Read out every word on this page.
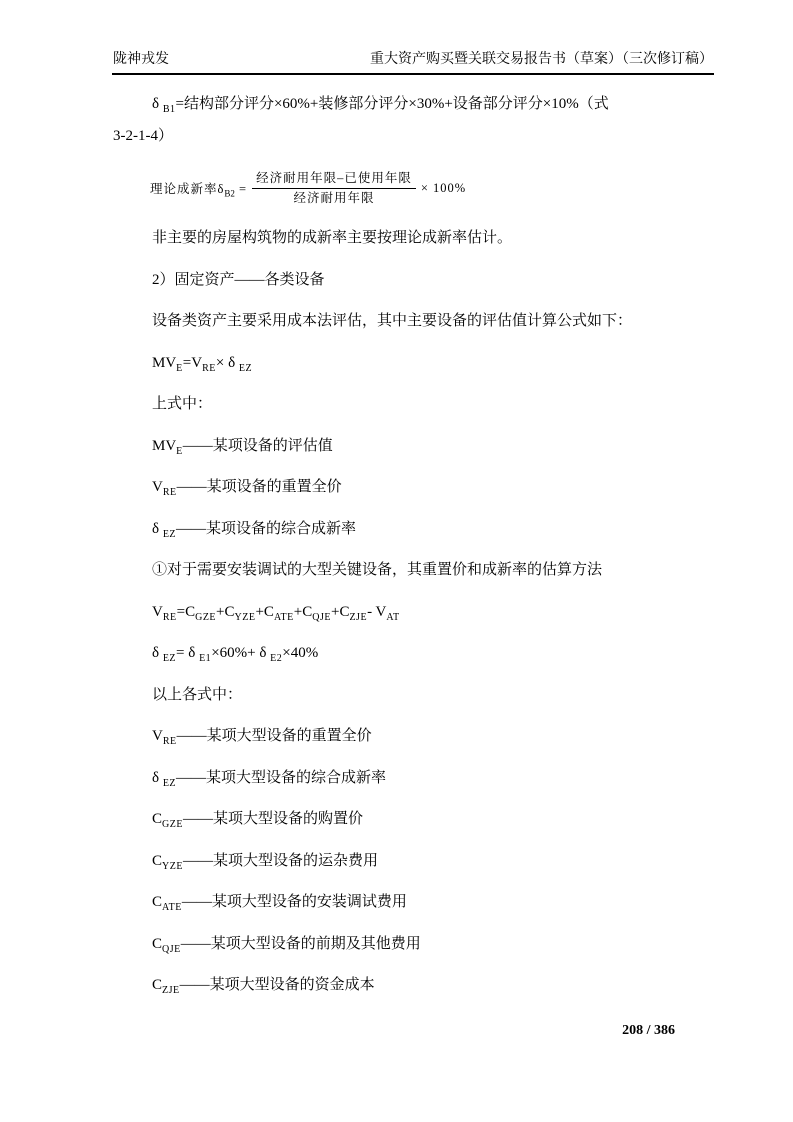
陇神戎发	重大资产购买暨关联交易报告书（草案）（三次修订稿）

δ $_{B1}$=结构部分评分×60%+装修部分评分×30%+设备部分评分×10%（式
3-2-1-4）

理论成新率$\delta_{B2} = \frac{\text{经济耐用年限–已使用年限}}{\text{经济耐用年限}} \times 100\%$

非主要的房屋构筑物的成新率主要按理论成新率估计。

2）固定资产——各类设备

设备类资产主要采用成本法评估，其中主要设备的评估值计算公式如下：

$MV_E=V_{RE}\times \delta$ $_{EZ}$

上式中：

$MV_E——$某项设备的评估值

$V_{RE}——$某项设备的重置全价

δ $_{EZ}$——某项设备的综合成新率

①对于需要安装调试的大型关键设备，其重置价和成新率的估算方法

$V_{RE}=C_{GZE}+C_{YZE}+C_{ATE}+C_{QJE}+C_{ZJE}-$ $V_{AT}$

δ $_{EZ}$= δ $_{E1}$×60%+ δ $_{E2}$×40%

以上各式中：

$V_{RE}——$某项大型设备的重置全价

δ $_{EZ}$——某项大型设备的综合成新率

$C_{GZE}——$某项大型设备的购置价

$C_{YZE}——$某项大型设备的运杂费用

$C_{ATE}——$某项大型设备的安装调试费用

$C_{QJE}——$某项大型设备的前期及其他费用

$C_{ZJE}——$某项大型设备的资金成本

208 / 386
